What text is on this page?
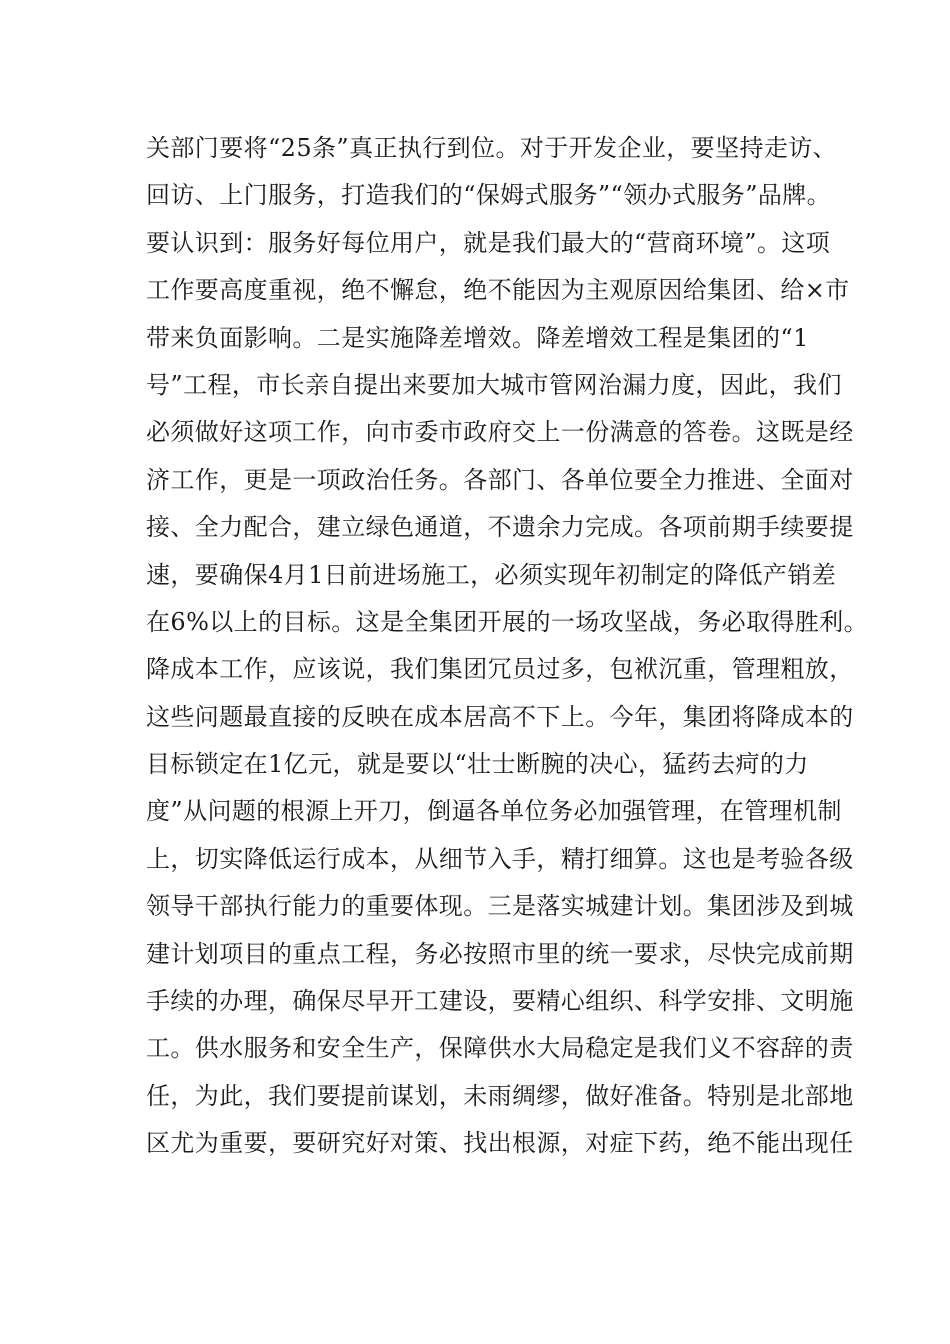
关部门要将“25条”真正执行到位。对于开发企业，要坚持走访、
回访、上门服务，打造我们的“保姆式服务”“领办式服务”品牌。
要认识到：服务好每位用户，就是我们最大的“营商环境”。这项
工作要高度重视，绝不懈怠，绝不能因为主观原因给集团、给×市
带来负面影响。二是实施降差增效。降差增效工程是集团的“1
号”工程，市长亲自提出来要加大城市管网治漏力度，因此，我们
必须做好这项工作，向市委市政府交上一份满意的答卷。这既是经
济工作，更是一项政治任务。各部门、各单位要全力推进、全面对
接、全力配合，建立绿色通道，不遗余力完成。各项前期手续要提
速，要确保4月1日前进场施工，必须实现年初制定的降低产销差
在6%以上的目标。这是全集团开展的一场攻坚战，务必取得胜利。
降成本工作，应该说，我们集团冗员过多，包袱沉重，管理粗放，
这些问题最直接的反映在成本居高不下上。今年，集团将降成本的
目标锁定在1亿元，就是要以“壮士断腕的决心，猛药去疴的力
度”从问题的根源上开刀，倒逼各单位务必加强管理，在管理机制
上，切实降低运行成本，从细节入手，精打细算。这也是考验各级
领导干部执行能力的重要体现。三是落实城建计划。集团涉及到城
建计划项目的重点工程，务必按照市里的统一要求，尽快完成前期
手续的办理，确保尽早开工建设，要精心组织、科学安排、文明施
工。供水服务和安全生产，保障供水大局稳定是我们义不容辞的责
任，为此，我们要提前谋划，未雨绸缪，做好准备。特别是北部地
区尤为重要，要研究好对策、找出根源，对症下药，绝不能出现任
